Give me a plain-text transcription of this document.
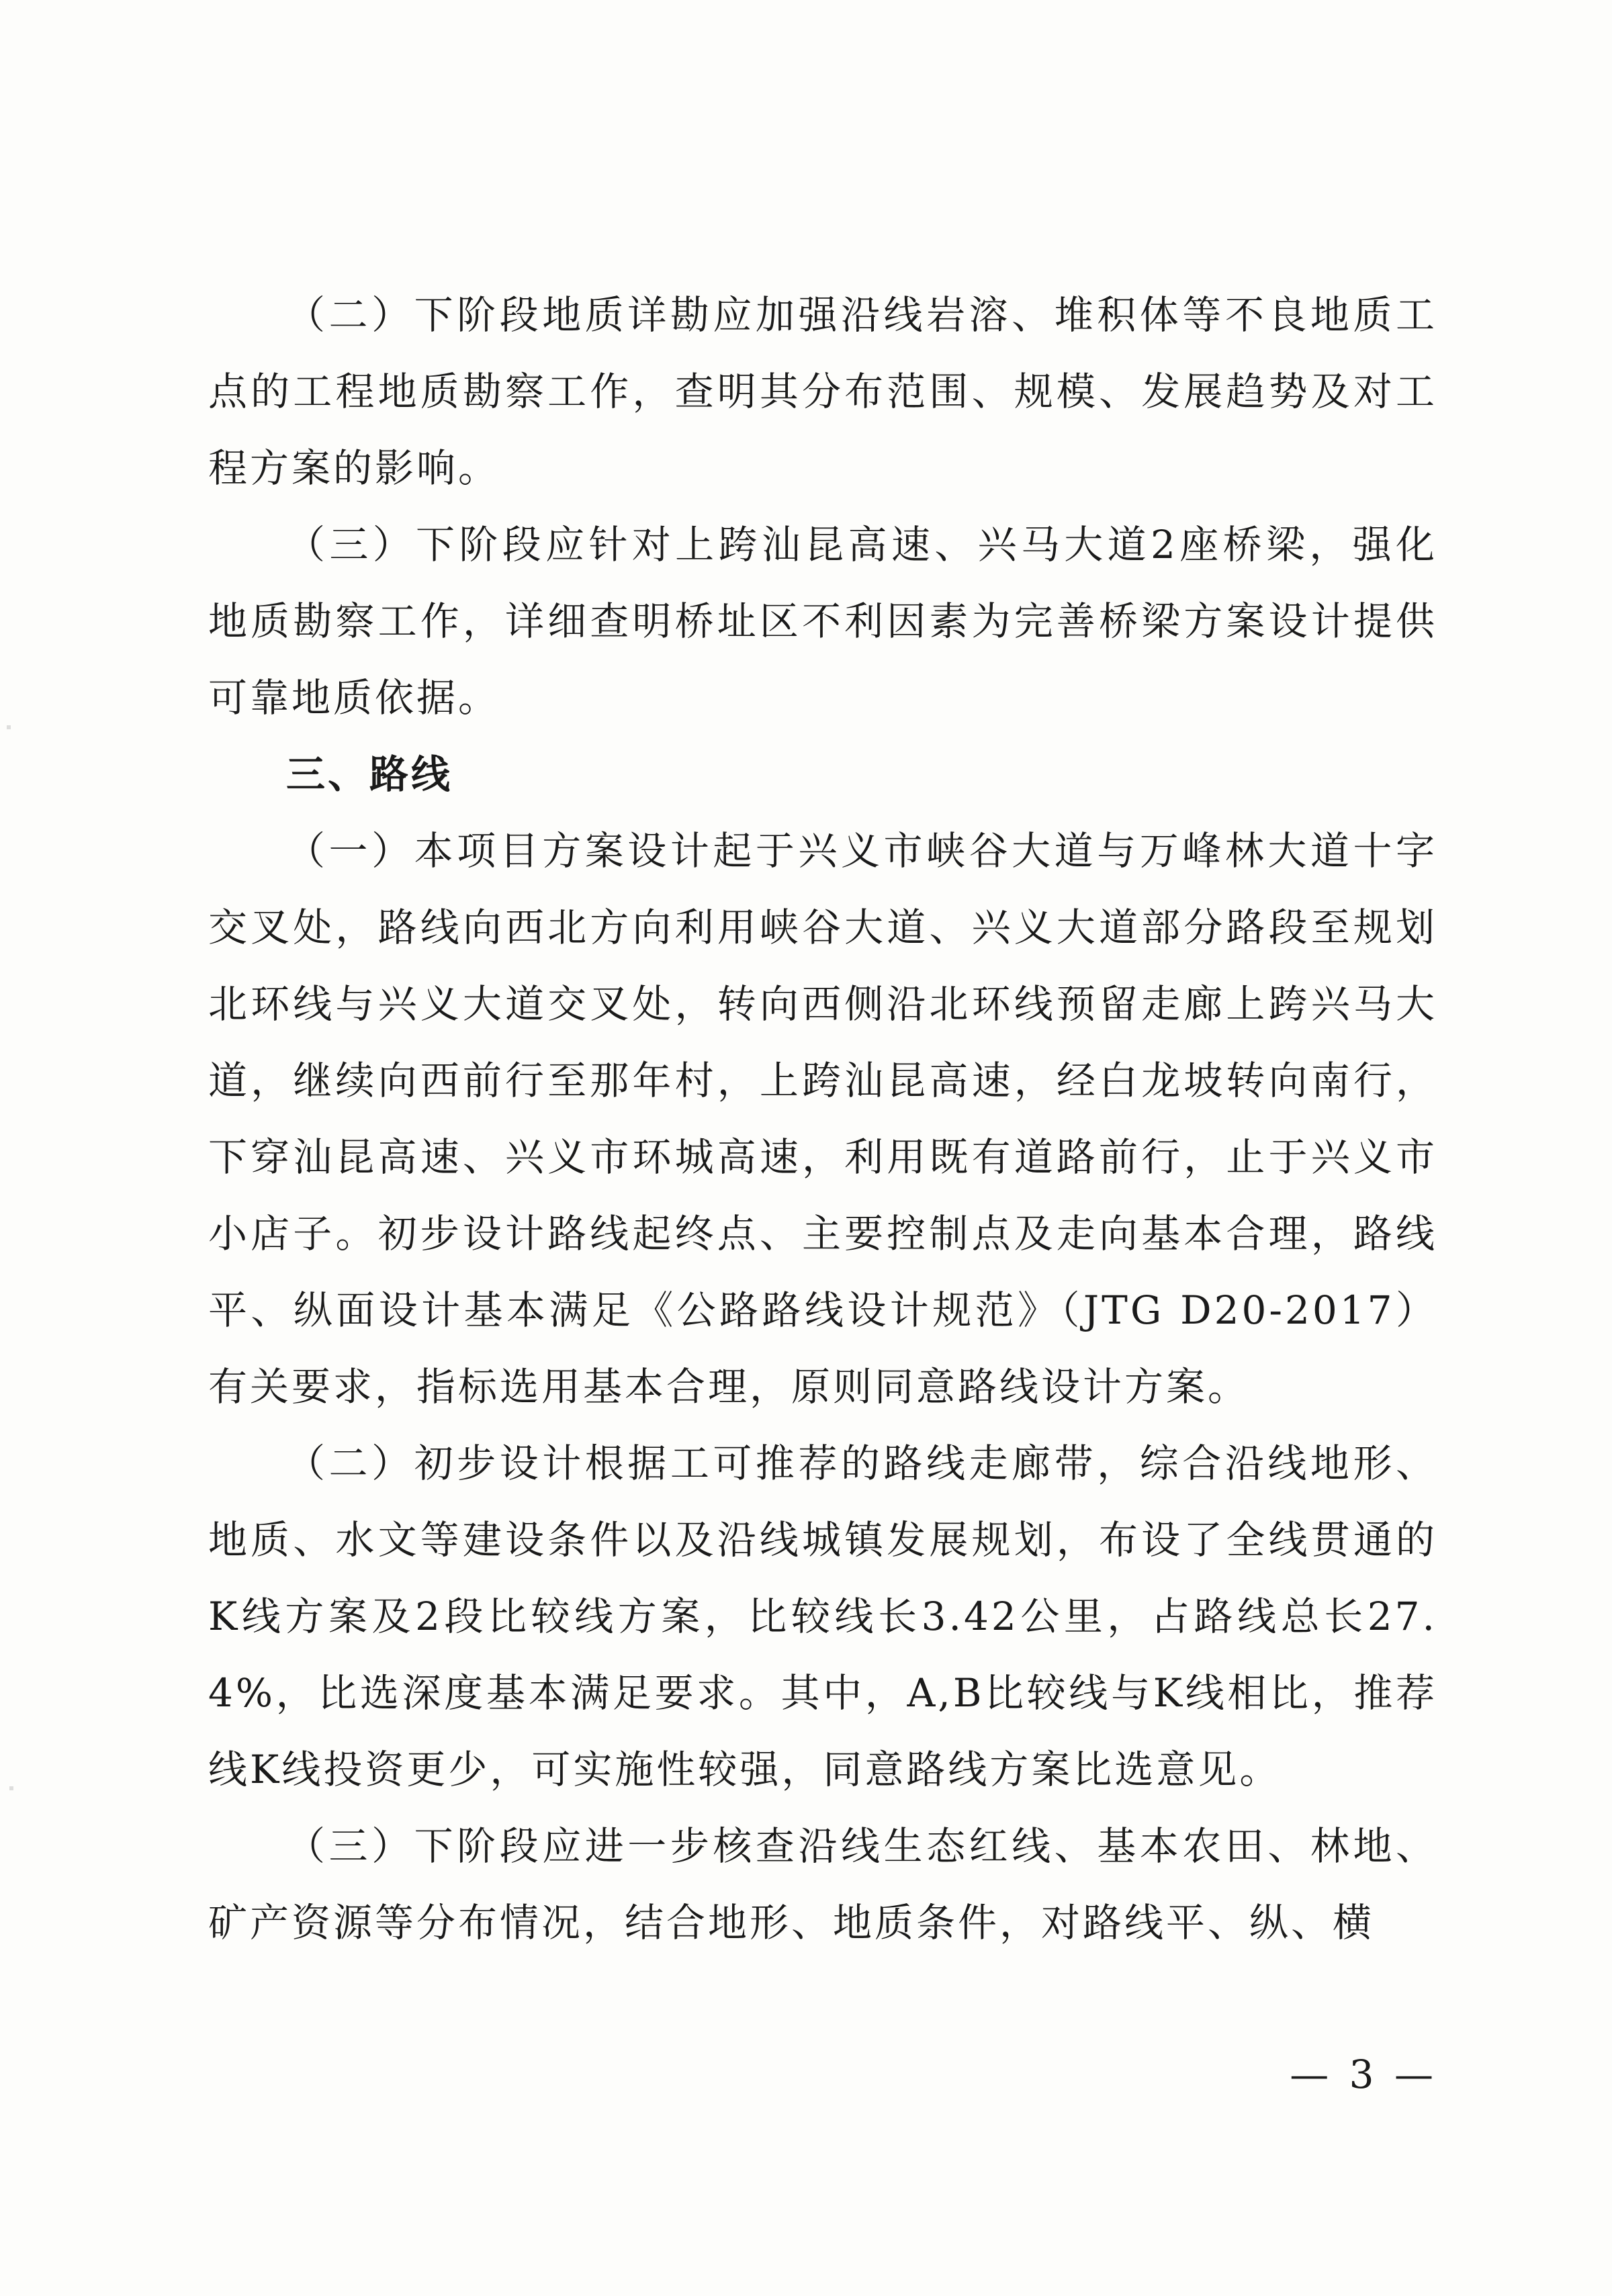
（二）下阶段地质详勘应加强沿线岩溶、堆积体等不良地质工点的工程地质勘察工作，查明其分布范围、规模、发展趋势及对工程方案的影响。

（三）下阶段应针对上跨汕昆高速、兴马大道2座桥梁，强化地质勘察工作，详细查明桥址区不利因素为完善桥梁方案设计提供可靠地质依据。

三、路线

（一）本项目方案设计起于兴义市峡谷大道与万峰林大道十字交叉处，路线向西北方向利用峡谷大道、兴义大道部分路段至规划北环线与兴义大道交叉处，转向西侧沿北环线预留走廊上跨兴马大道，继续向西前行至那年村，上跨汕昆高速，经白龙坡转向南行，下穿汕昆高速、兴义市环城高速，利用既有道路前行，止于兴义市小店子。初步设计路线起终点、主要控制点及走向基本合理，路线平、纵面设计基本满足《公路路线设计规范》（JTG D20-2017）有关要求，指标选用基本合理，原则同意路线设计方案。

（二）初步设计根据工可推荐的路线走廊带，综合沿线地形、地质、水文等建设条件以及沿线城镇发展规划，布设了全线贯通的K线方案及2段比较线方案，比较线长3.42公里，占路线总长27.4%，比选深度基本满足要求。其中，A,B比较线与K线相比，推荐线K线投资更少，可实施性较强，同意路线方案比选意见。

（三）下阶段应进一步核查沿线生态红线、基本农田、林地、矿产资源等分布情况，结合地形、地质条件，对路线平、纵、横

— 3 —
